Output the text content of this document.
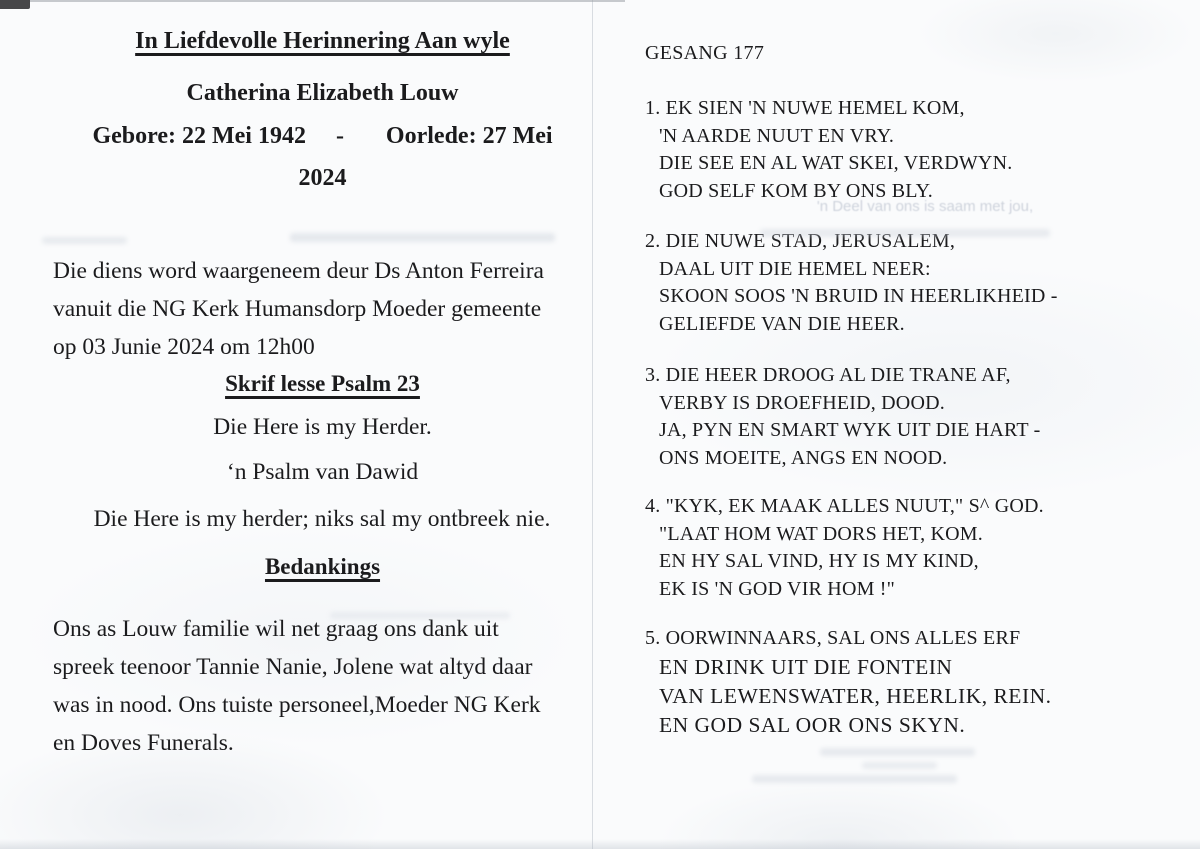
In Liefdevolle Herinnering Aan wyle
Catherina Elizabeth Louw
Gebore: 22 Mei 1942     -       Oorlede: 27 Mei
2024
Die diens word waargeneem deur Ds Anton Ferreira
vanuit die NG Kerk Humansdorp Moeder gemeente
op 03 Junie 2024 om 12h00
Skrif lesse Psalm 23
Die Here is my Herder.
‘n Psalm van Dawid
Die Here is my herder; niks sal my ontbreek nie.
Bedankings
Ons as Louw familie wil net graag ons dank uit
spreek teenoor Tannie Nanie, Jolene wat altyd daar
was in nood. Ons tuiste personeel,Moeder NG Kerk
en Doves Funerals.
GESANG 177
1. EK SIEN 'N NUWE HEMEL KOM,
'N AARDE NUUT EN VRY.
DIE SEE EN AL WAT SKEI, VERDWYN.
GOD SELF KOM BY ONS BLY.
2. DIE NUWE STAD, JERUSALEM,
DAAL UIT DIE HEMEL NEER:
SKOON SOOS 'N BRUID IN HEERLIKHEID -
GELIEFDE VAN DIE HEER.
3. DIE HEER DROOG AL DIE TRANE AF,
VERBY IS DROEFHEID, DOOD.
JA, PYN EN SMART WYK UIT DIE HART -
ONS MOEITE, ANGS EN NOOD.
4. "KYK, EK MAAK ALLES NUUT," S^ GOD.
"LAAT HOM WAT DORS HET, KOM.
EN HY SAL VIND, HY IS MY KIND,
EK IS 'N GOD VIR HOM !"
5. OORWINNAARS, SAL ONS ALLES ERF
EN DRINK UIT DIE FONTEIN
VAN LEWENSWATER, HEERLIK, REIN.
EN GOD SAL OOR ONS SKYN.
'n Deel van ons is saam met jou,
